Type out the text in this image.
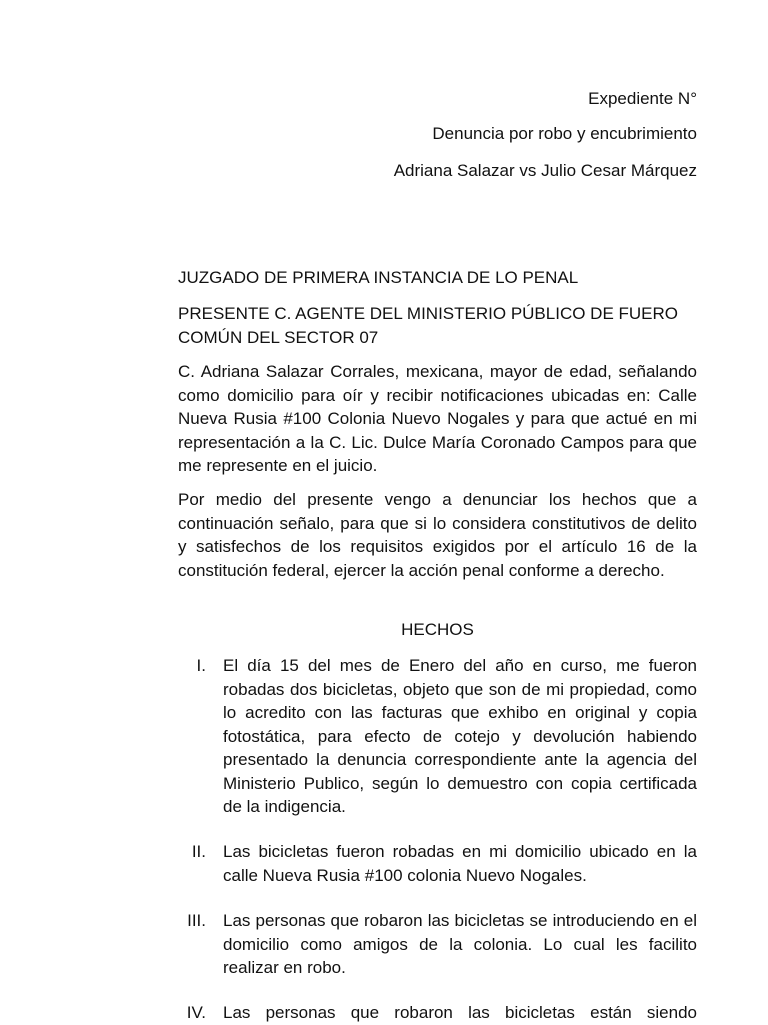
Expediente N°
Denuncia por robo y encubrimiento
Adriana Salazar vs Julio Cesar Márquez
JUZGADO DE PRIMERA INSTANCIA DE LO PENAL
PRESENTE C. AGENTE DEL MINISTERIO PÚBLICO DE FUERO COMÚN DEL SECTOR 07
C. Adriana Salazar Corrales, mexicana, mayor de edad, señalando como domicilio para oír y recibir notificaciones ubicadas en: Calle Nueva Rusia #100 Colonia Nuevo Nogales y para que actué en mi representación a la C. Lic. Dulce María Coronado Campos para que me represente en el juicio.
Por medio del presente vengo a denunciar los hechos que a continuación señalo, para que si lo considera constitutivos de delito y satisfechos de los requisitos exigidos por el artículo 16 de la constitución federal, ejercer la acción penal conforme a derecho.
HECHOS
I. El día 15 del mes de Enero del año en curso, me fueron robadas dos bicicletas, objeto que son de mi propiedad, como lo acredito con las facturas que exhibo en original y copia fotostática, para efecto de cotejo y devolución habiendo presentado la denuncia correspondiente ante la agencia del Ministerio Publico, según lo demuestro con copia certificada de la indigencia.
II. Las bicicletas fueron robadas en mi domicilio ubicado en la calle Nueva Rusia #100 colonia Nuevo Nogales.
III. Las personas que robaron las bicicletas se introduciendo en el domicilio como amigos de la colonia. Lo cual les facilito realizar en robo.
IV. Las personas que robaron las bicicletas están siendo
